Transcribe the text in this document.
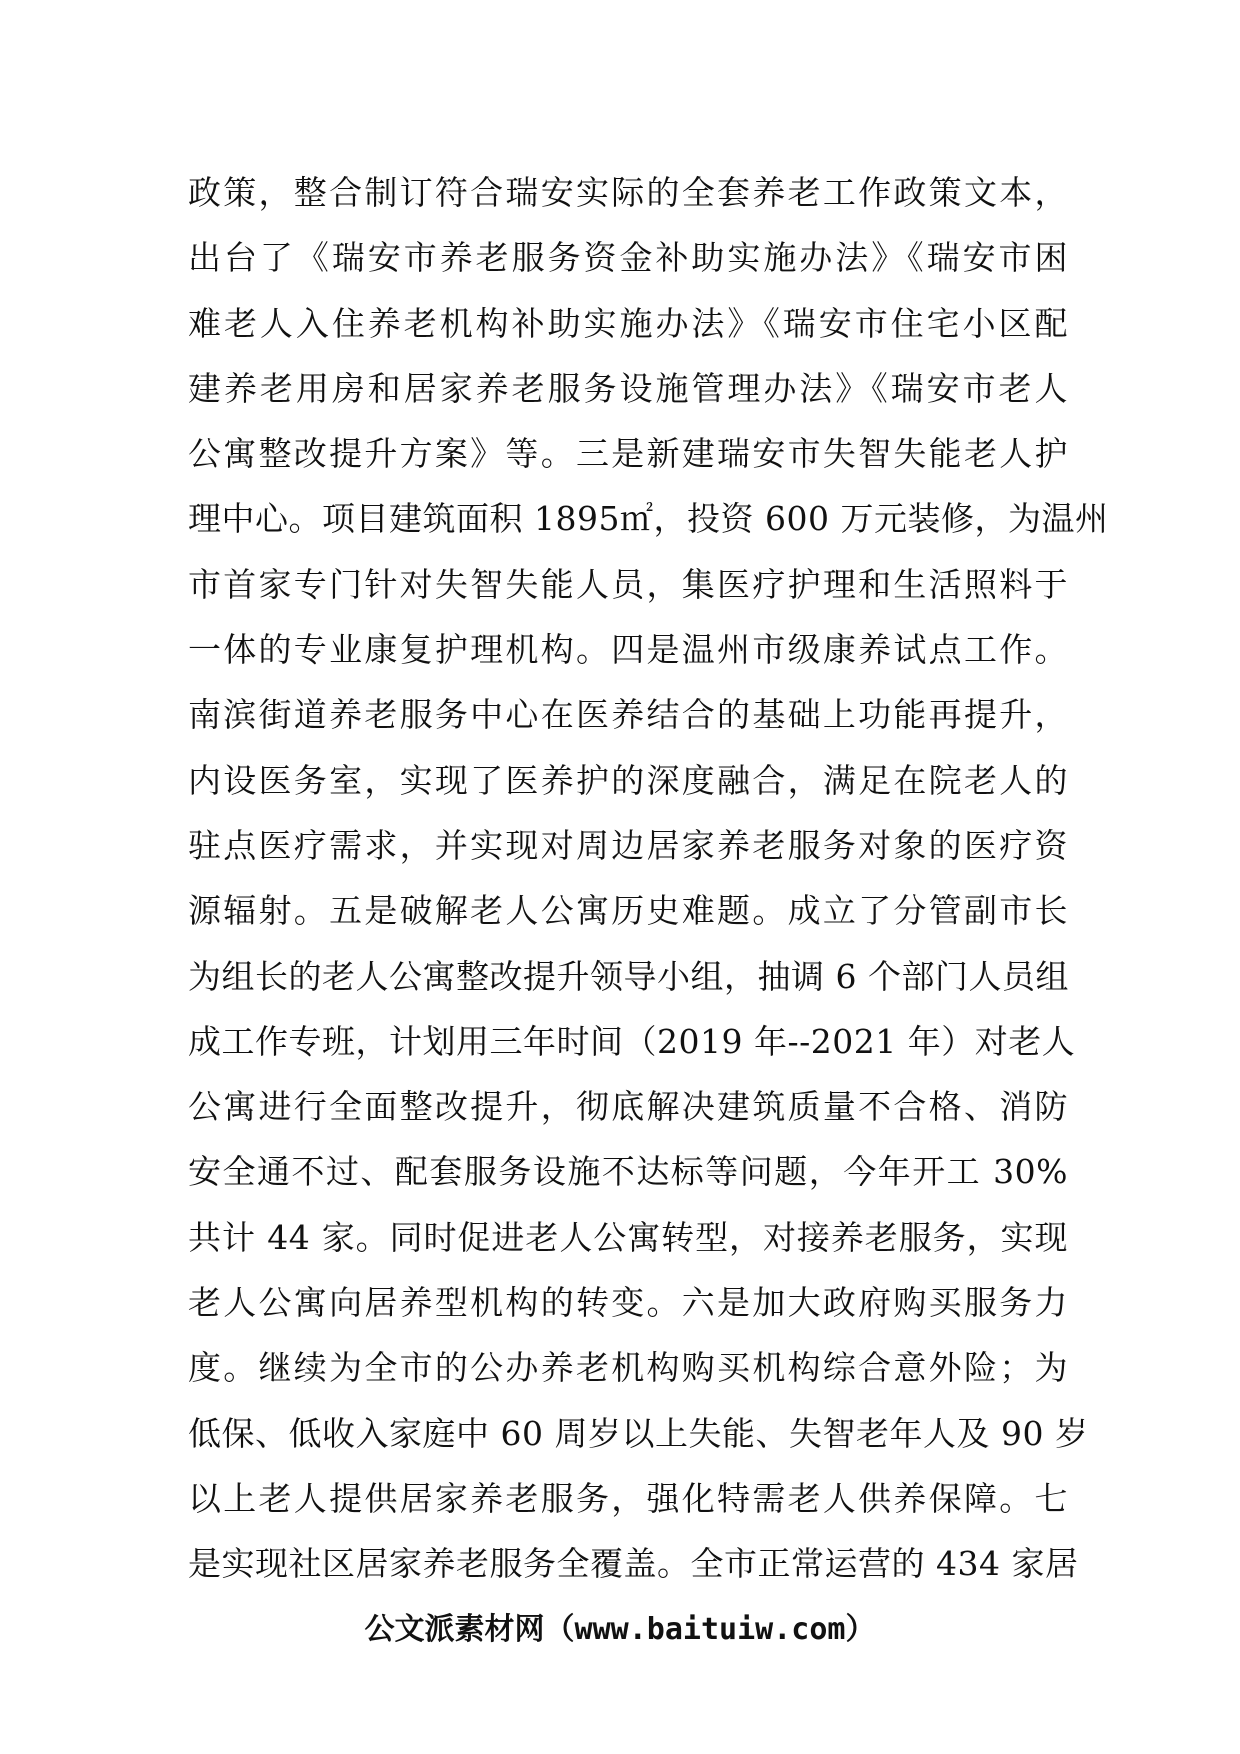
政策，整合制订符合瑞安实际的全套养老工作政策文本，
出台了《瑞安市养老服务资金补助实施办法》《瑞安市困
难老人入住养老机构补助实施办法》《瑞安市住宅小区配
建养老用房和居家养老服务设施管理办法》《瑞安市老人
公寓整改提升方案》等。三是新建瑞安市失智失能老人护
理中心。项目建筑面积 1895㎡，投资 600 万元装修，为温州
市首家专门针对失智失能人员，集医疗护理和生活照料于
一体的专业康复护理机构。四是温州市级康养试点工作。
南滨街道养老服务中心在医养结合的基础上功能再提升，
内设医务室，实现了医养护的深度融合，满足在院老人的
驻点医疗需求，并实现对周边居家养老服务对象的医疗资
源辐射。五是破解老人公寓历史难题。成立了分管副市长
为组长的老人公寓整改提升领导小组，抽调 6 个部门人员组
成工作专班，计划用三年时间（2019 年--2021 年）对老人
公寓进行全面整改提升，彻底解决建筑质量不合格、消防
安全通不过、配套服务设施不达标等问题，今年开工 30%
共计 44 家。同时促进老人公寓转型，对接养老服务，实现
老人公寓向居养型机构的转变。六是加大政府购买服务力
度。继续为全市的公办养老机构购买机构综合意外险；为
低保、低收入家庭中 60 周岁以上失能、失智老年人及 90 岁
以上老人提供居家养老服务，强化特需老人供养保障。七
是实现社区居家养老服务全覆盖。全市正常运营的 434 家居
公文派素材网（www.baituiw.com）
